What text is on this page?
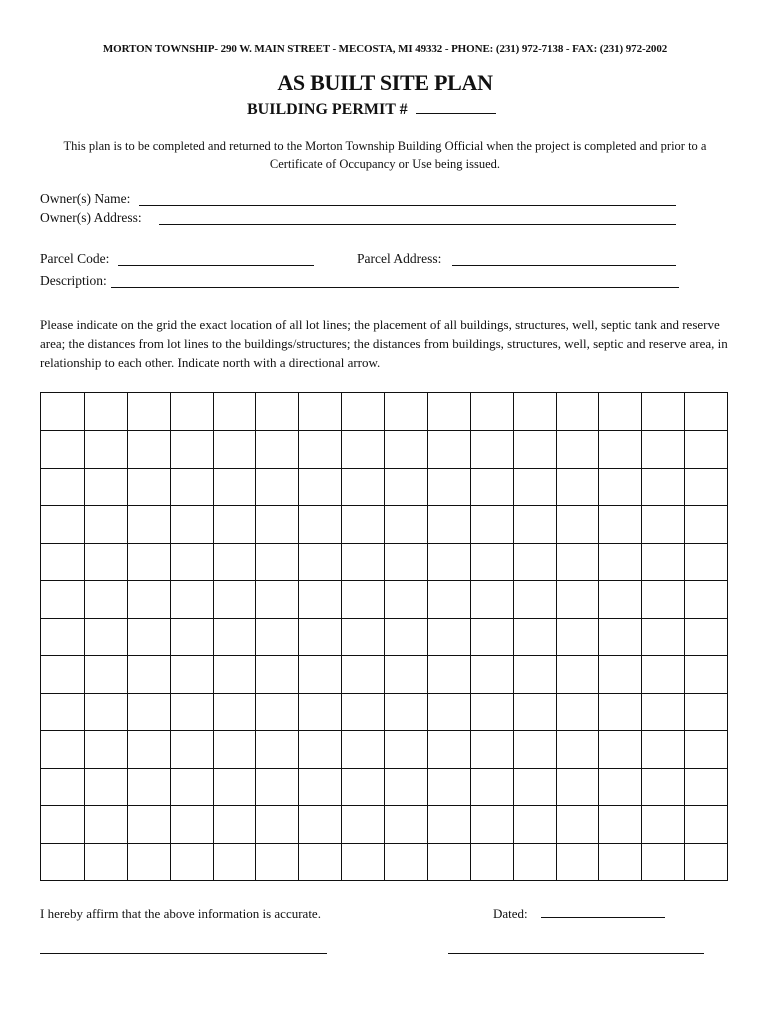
MORTON TOWNSHIP- 290 W. MAIN STREET - MECOSTA, MI 49332 - PHONE: (231) 972-7138 - FAX: (231) 972-2002
AS BUILT SITE PLAN
BUILDING PERMIT #
This plan is to be completed and returned to the Morton Township Building Official when the project is completed and prior to a Certificate of Occupancy or Use being issued.
Owner(s) Name:
Owner(s) Address:
Parcel Code:	Parcel Address:
Description:
Please indicate on the grid the exact location of all lot lines; the placement of all buildings, structures, well, septic tank and reserve area; the distances from lot lines to the buildings/structures; the distances from buildings, structures, well, septic and reserve area, in relationship to each other. Indicate north with a directional arrow.
I hereby affirm that the above information is accurate.	Dated:
